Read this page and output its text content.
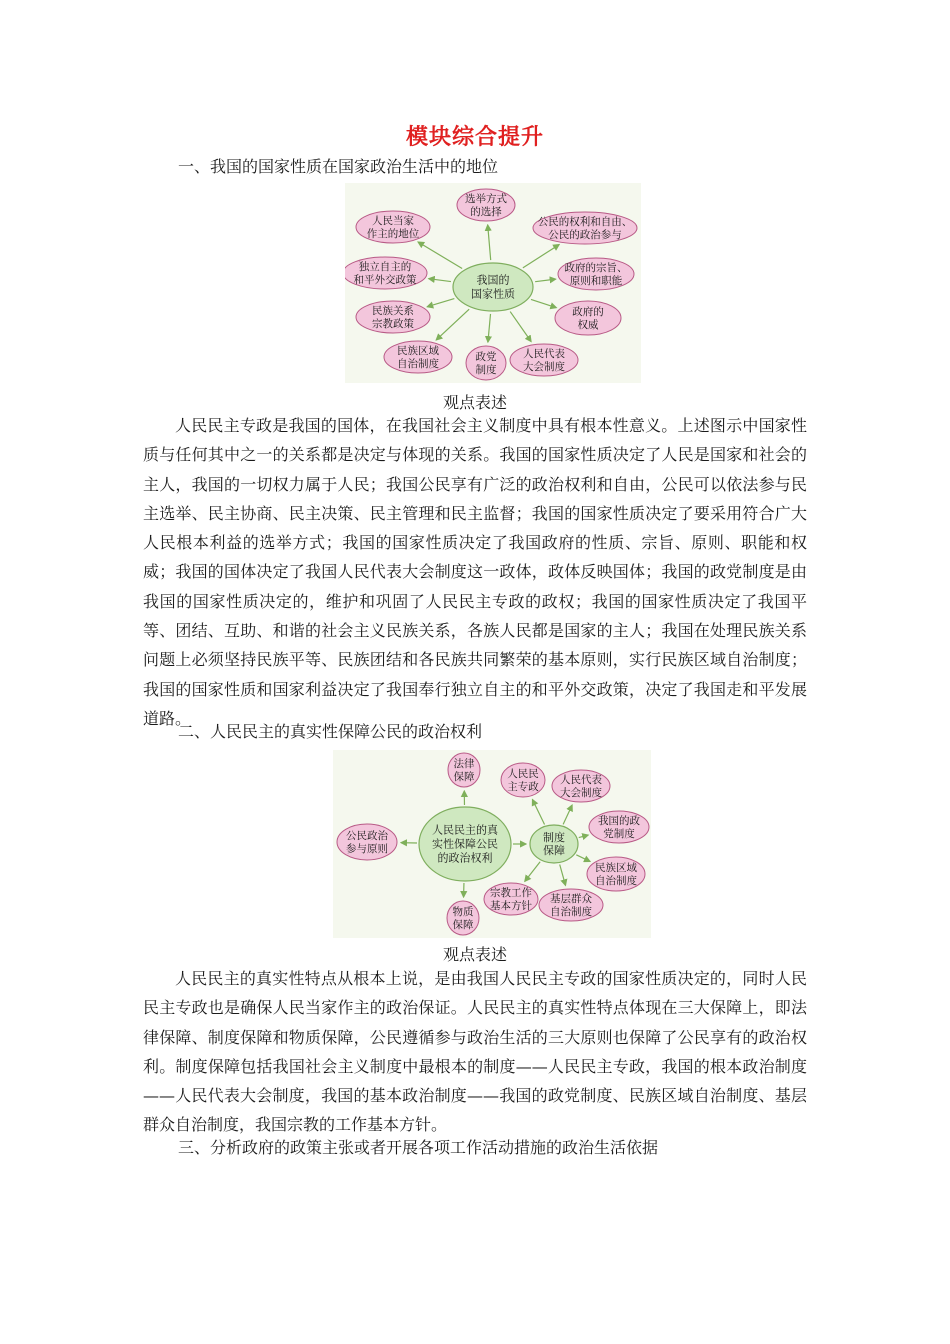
模块综合提升
一、我国的国家性质在国家政治生活中的地位
我国的
国家性质
选举方式
的选择
公民的权利和自由、
公民的政治参与
政府的宗旨、
原则和职能
政府的
权威
人民代表
大会制度
政党
制度
民族区域
自治制度
民族关系
宗教政策
独立自主的
和平外交政策
人民当家
作主的地位
观点表述

人民民主专政是我国的国体，在我国社会主义制度中具有根本性意义。上述图示中国家性质与任何其中之一的关系都是决定与体现的关系。我国的国家性质决定了人民是国家和社会的主人，我国的一切权力属于人民；我国公民享有广泛的政治权利和自由，公民可以依法参与民主选举、民主协商、民主决策、民主管理和民主监督；我国的国家性质决定了要采用符合广大人民根本利益的选举方式；我国的国家性质决定了我国政府的性质、宗旨、原则、职能和权威；我国的国体决定了我国人民代表大会制度这一政体，政体反映国体；我国的政党制度是由我国的国家性质决定的，维护和巩固了人民民主专政的政权；我国的国家性质决定了我国平等、团结、互助、和谐的社会主义民族关系，各族人民都是国家的主人；我国在处理民族关系问题上必须坚持民族平等、民族团结和各民族共同繁荣的基本原则，实行民族区域自治制度；我国的国家性质和国家利益决定了我国奉行独立自主的和平外交政策，决定了我国走和平发展道路。

二、人民民主的真实性保障公民的政治权利
人民民主的真
实性保障公民
的政治权利
制度
保障
法律
保障
物质
保障
公民政治
参与原则
人民民
主专政
人民代表
大会制度
我国的政
党制度
民族区域
自治制度
基层群众
自治制度
宗教工作
基本方针
观点表述

人民民主的真实性特点从根本上说，是由我国人民民主专政的国家性质决定的，同时人民民主专政也是确保人民当家作主的政治保证。人民民主的真实性特点体现在三大保障上，即法律保障、制度保障和物质保障，公民遵循参与政治生活的三大原则也保障了公民享有的政治权利。制度保障包括我国社会主义制度中最根本的制度——人民民主专政，我国的根本政治制度——人民代表大会制度，我国的基本政治制度——我国的政党制度、民族区域自治制度、基层群众自治制度，我国宗教的工作基本方针。

三、分析政府的政策主张或者开展各项工作活动措施的政治生活依据
